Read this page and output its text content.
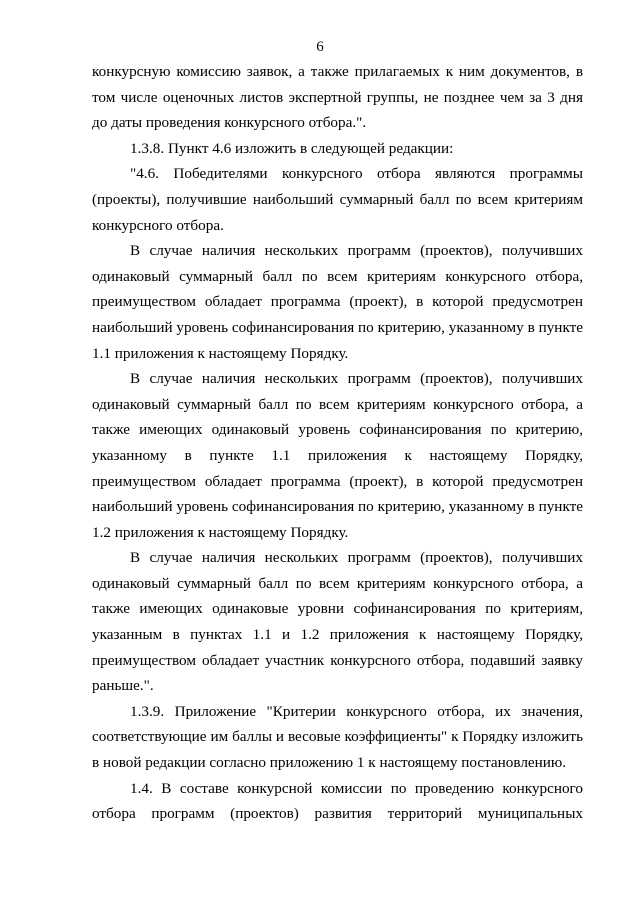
6
конкурсную комиссию заявок, а также прилагаемых к ним документов, в
том числе оценочных листов экспертной группы, не позднее чем за 3 дня
до даты проведения конкурсного отбора.".
1.3.8. Пункт 4.6 изложить в следующей редакции:
"4.6. Победителями конкурсного отбора являются программы
(проекты), получившие наибольший суммарный балл по всем критериям
конкурсного отбора.
В случае наличия нескольких программ (проектов), получивших
одинаковый суммарный балл по всем критериям конкурсного отбора,
преимуществом обладает программа (проект), в которой предусмотрен
наибольший уровень софинансирования по критерию, указанному в пункте
1.1 приложения к настоящему Порядку.
В случае наличия нескольких программ (проектов), получивших
одинаковый суммарный балл по всем критериям конкурсного отбора, а
также имеющих одинаковый уровень софинансирования по критерию,
указанному в пункте 1.1 приложения к настоящему Порядку,
преимуществом обладает программа (проект), в которой предусмотрен
наибольший уровень софинансирования по критерию, указанному в пункте
1.2 приложения к настоящему Порядку.
В случае наличия нескольких программ (проектов), получивших
одинаковый суммарный балл по всем критериям конкурсного отбора, а
также имеющих одинаковые уровни софинансирования по критериям,
указанным в пунктах 1.1 и 1.2 приложения к настоящему Порядку,
преимуществом обладает участник конкурсного отбора, подавший заявку
раньше.".
1.3.9. Приложение "Критерии конкурсного отбора, их значения,
соответствующие им баллы и весовые коэффициенты" к Порядку изложить
в новой редакции согласно приложению 1 к настоящему постановлению.
1.4. В составе конкурсной комиссии по проведению конкурсного
отбора программ (проектов) развития территорий муниципальных
